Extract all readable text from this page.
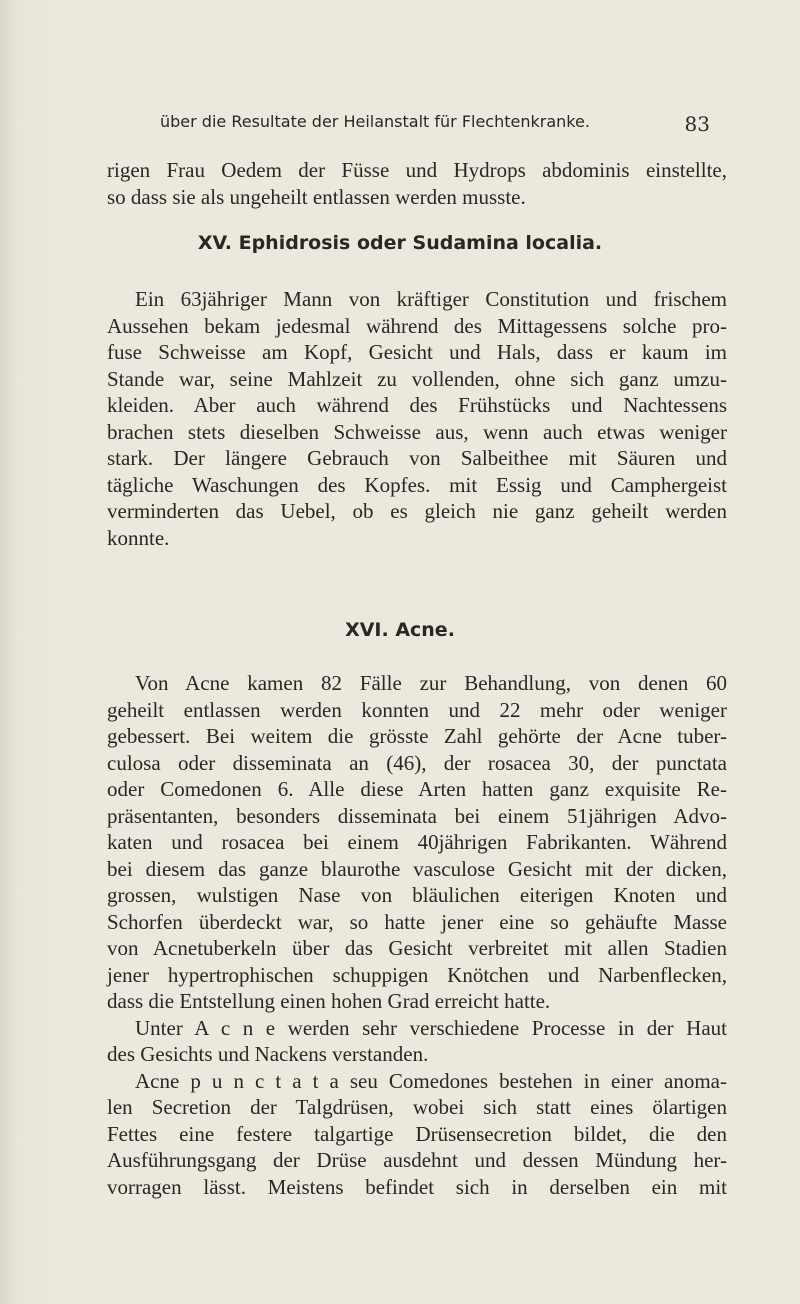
über die Resultate der Heilanstalt für Flechtenkranke.	83
rigen Frau Oedem der Füsse und Hydrops abdominis einstellte,
so dass sie als ungeheilt entlassen werden musste.
XV. Ephidrosis oder Sudamina localia.
Ein 63jähriger Mann von kräftiger Constitution und frischem
Aussehen bekam jedesmal während des Mittagessens solche pro-
fuse Schweisse am Kopf, Gesicht und Hals, dass er kaum im
Stande war, seine Mahlzeit zu vollenden, ohne sich ganz umzu-
kleiden. Aber auch während des Frühstücks und Nachtessens
brachen stets dieselben Schweisse aus, wenn auch etwas weniger
stark. Der längere Gebrauch von Salbeithee mit Säuren und
tägliche Waschungen des Kopfes. mit Essig und Camphergeist
verminderten das Uebel, ob es gleich nie ganz geheilt werden
konnte.
XVI. Acne.
Von Acne kamen 82 Fälle zur Behandlung, von denen 60
geheilt entlassen werden konnten und 22 mehr oder weniger
gebessert. Bei weitem die grösste Zahl gehörte der Acne tuber-
culosa oder disseminata an (46), der rosacea 30, der punctata
oder Comedonen 6. Alle diese Arten hatten ganz exquisite Re-
präsentanten, besonders disseminata bei einem 51jährigen Advo-
katen und rosacea bei einem 40jährigen Fabrikanten. Während
bei diesem das ganze blaurothe vasculose Gesicht mit der dicken,
grossen, wulstigen Nase von bläulichen eiterigen Knoten und
Schorfen überdeckt war, so hatte jener eine so gehäufte Masse
von Acnetuberkeln über das Gesicht verbreitet mit allen Stadien
jener hypertrophischen schuppigen Knötchen und Narbenflecken,
dass die Entstellung einen hohen Grad erreicht hatte.
Unter A c n e werden sehr verschiedene Processe in der Haut
des Gesichts und Nackens verstanden.
Acne p u n c t a t a seu Comedones bestehen in einer anoma-
len Secretion der Talgdrüsen, wobei sich statt eines ölartigen
Fettes eine festere talgartige Drüsensecretion bildet, die den
Ausführungsgang der Drüse ausdehnt und dessen Mündung her-
vorragen lässt. Meistens befindet sich in derselben ein mit
